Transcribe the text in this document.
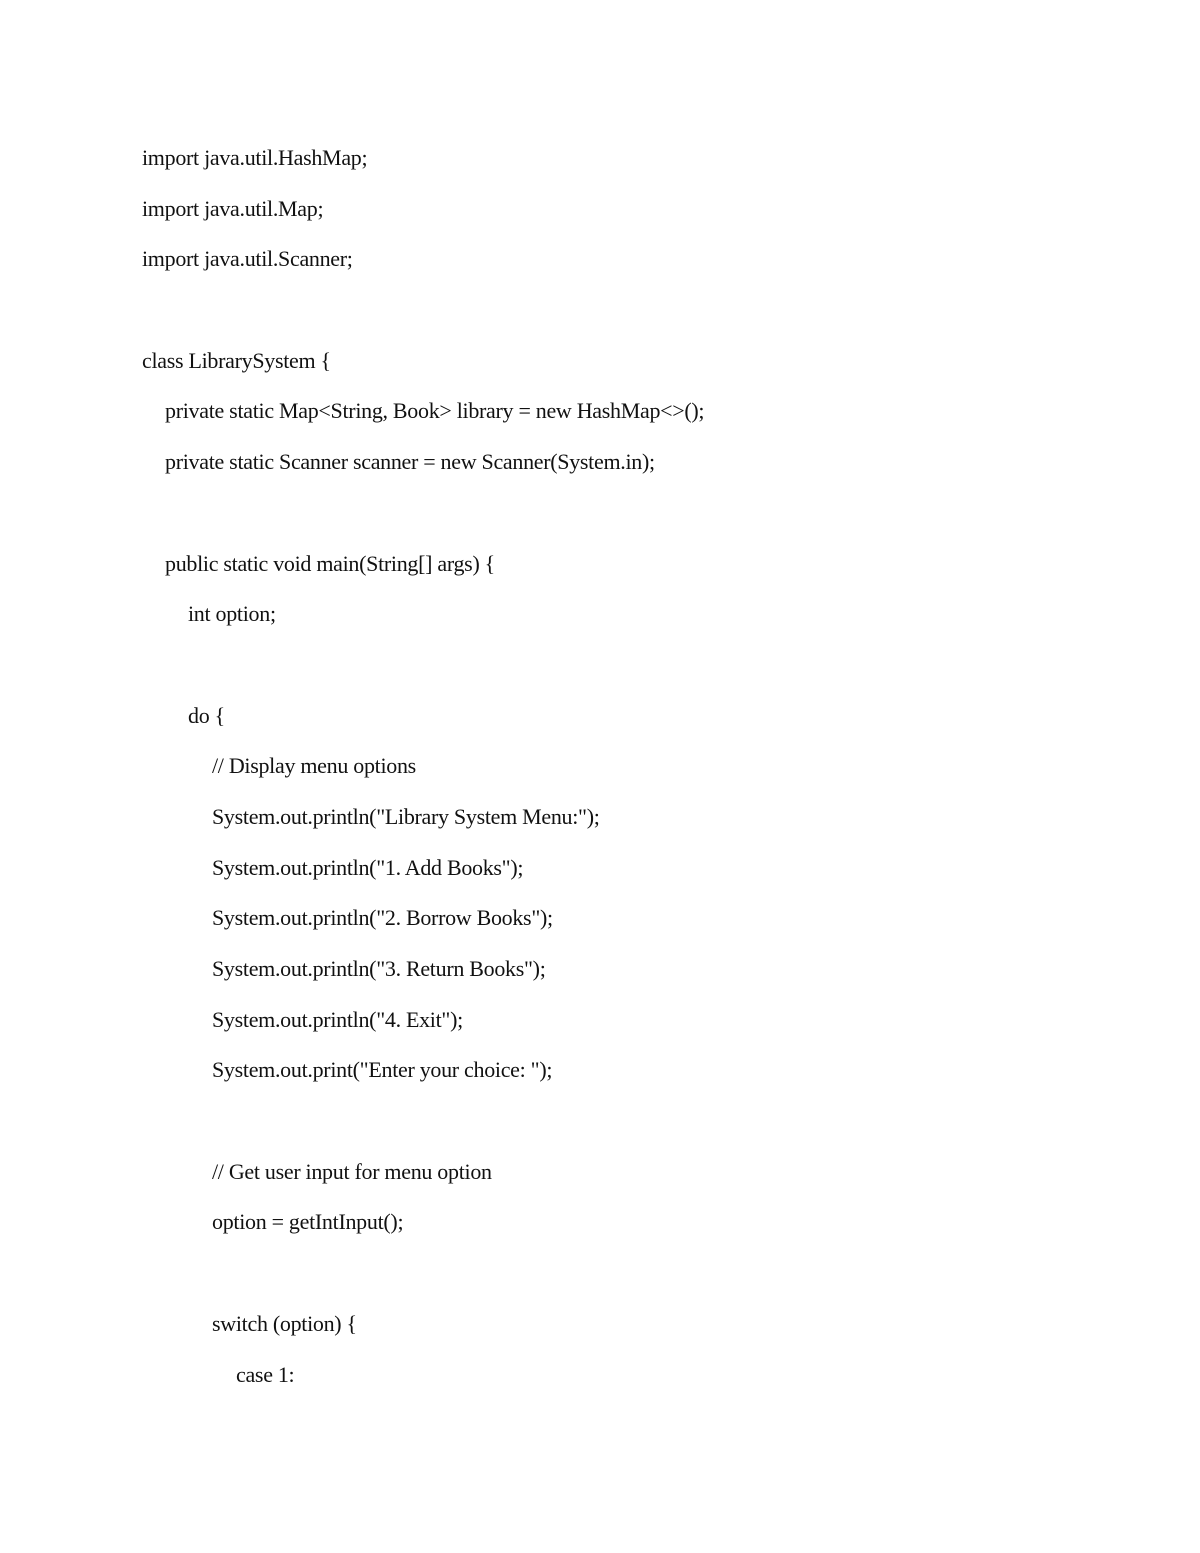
import java.util.HashMap;
import java.util.Map;
import java.util.Scanner;
class LibrarySystem {
private static Map<String, Book> library = new HashMap<>();
private static Scanner scanner = new Scanner(System.in);
public static void main(String[] args) {
int option;
do {
// Display menu options
System.out.println("Library System Menu:");
System.out.println("1. Add Books");
System.out.println("2. Borrow Books");
System.out.println("3. Return Books");
System.out.println("4. Exit");
System.out.print("Enter your choice: ");
// Get user input for menu option
option = getIntInput();
switch (option) {
case 1:
